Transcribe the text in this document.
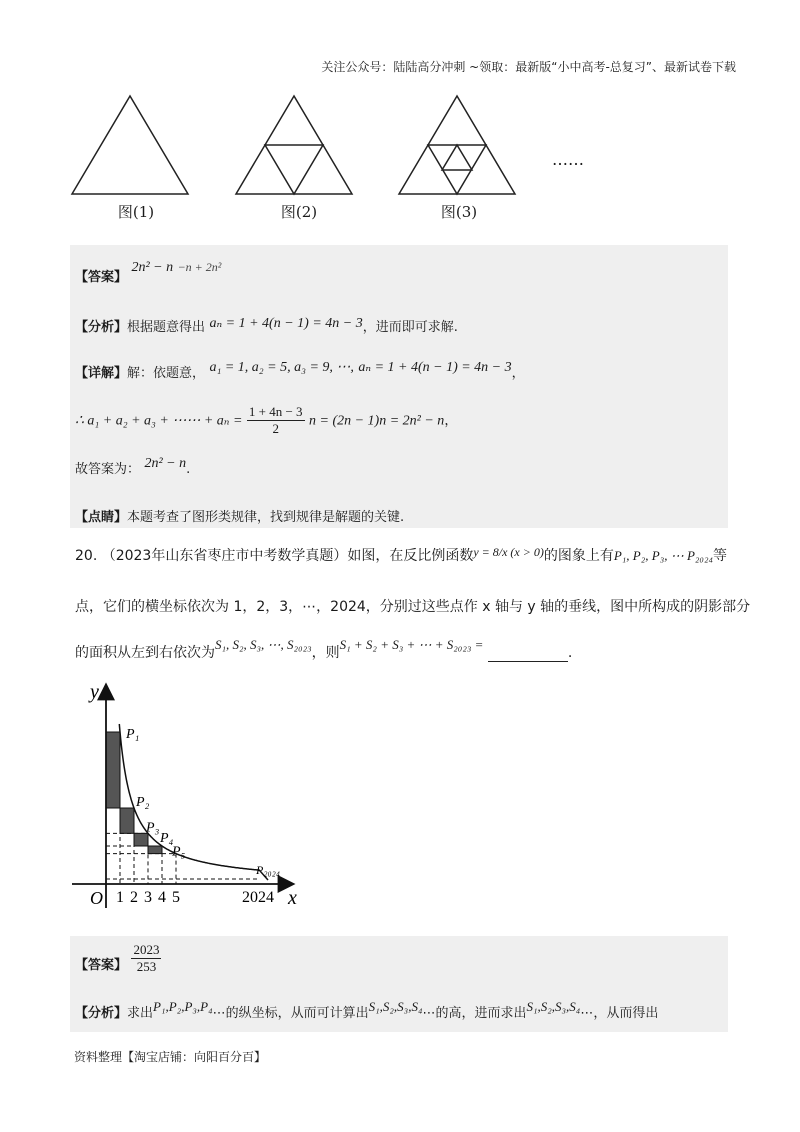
关注公众号：陆陆高分冲刺 ~领取：最新版“小中高考-总复习”、最新试卷下载
图(1)	图(2)	图(3)
……
【答案】 2n² − n −n + 2n²
【分析】根据题意得出 aₙ = 1 + 4(n − 1) = 4n − 3，进而即可求解.
【详解】解：依题意， a₁ = 1, a₂ = 5, a₃ = 9, ⋯, aₙ = 1 + 4(n − 1) = 4n − 3，
∴ a₁ + a₂ + a₃ + ⋯⋯ + $a_n = \frac{1 + 4n - 3}{2}$ n = (2n − 1)n = 2n² − n，
故答案为： 2n² − n.
【点睛】本题考查了图形类规律，找到规律是解题的关键.
20. （2023年山东省枣庄市中考数学真题）如图，在反比例函数y = 8/x (x > 0)的图象上有P₁, P₂, P₃, ⋯ P₂₀₂₄等
点，它们的横坐标依次为 1，2，3，⋯，2024，分别过这些点作 x 轴与 y 轴的垂线，图中所构成的阴影部分
的面积从左到右依次为S₁, S₂, S₃, ⋯, S₂₀₂₃，则S₁ + S₂ + S₃ + ⋯ + S₂₀₂₃ = .
y
x
O 1 2 3 4 5	2024
P₁
P₂
P₃
P₄
P₅
P₂₀₂₄
【答案】 $\frac{2023}{253}$
【分析】求出P₁,P₂,P₃,P₄⋯的纵坐标，从而可计算出S₁,S₂,S₃,S₄⋯的高，进而求出S₁,S₂,S₃,S₄⋯，从而得出
资料整理【淘宝店铺：向阳百分百】
